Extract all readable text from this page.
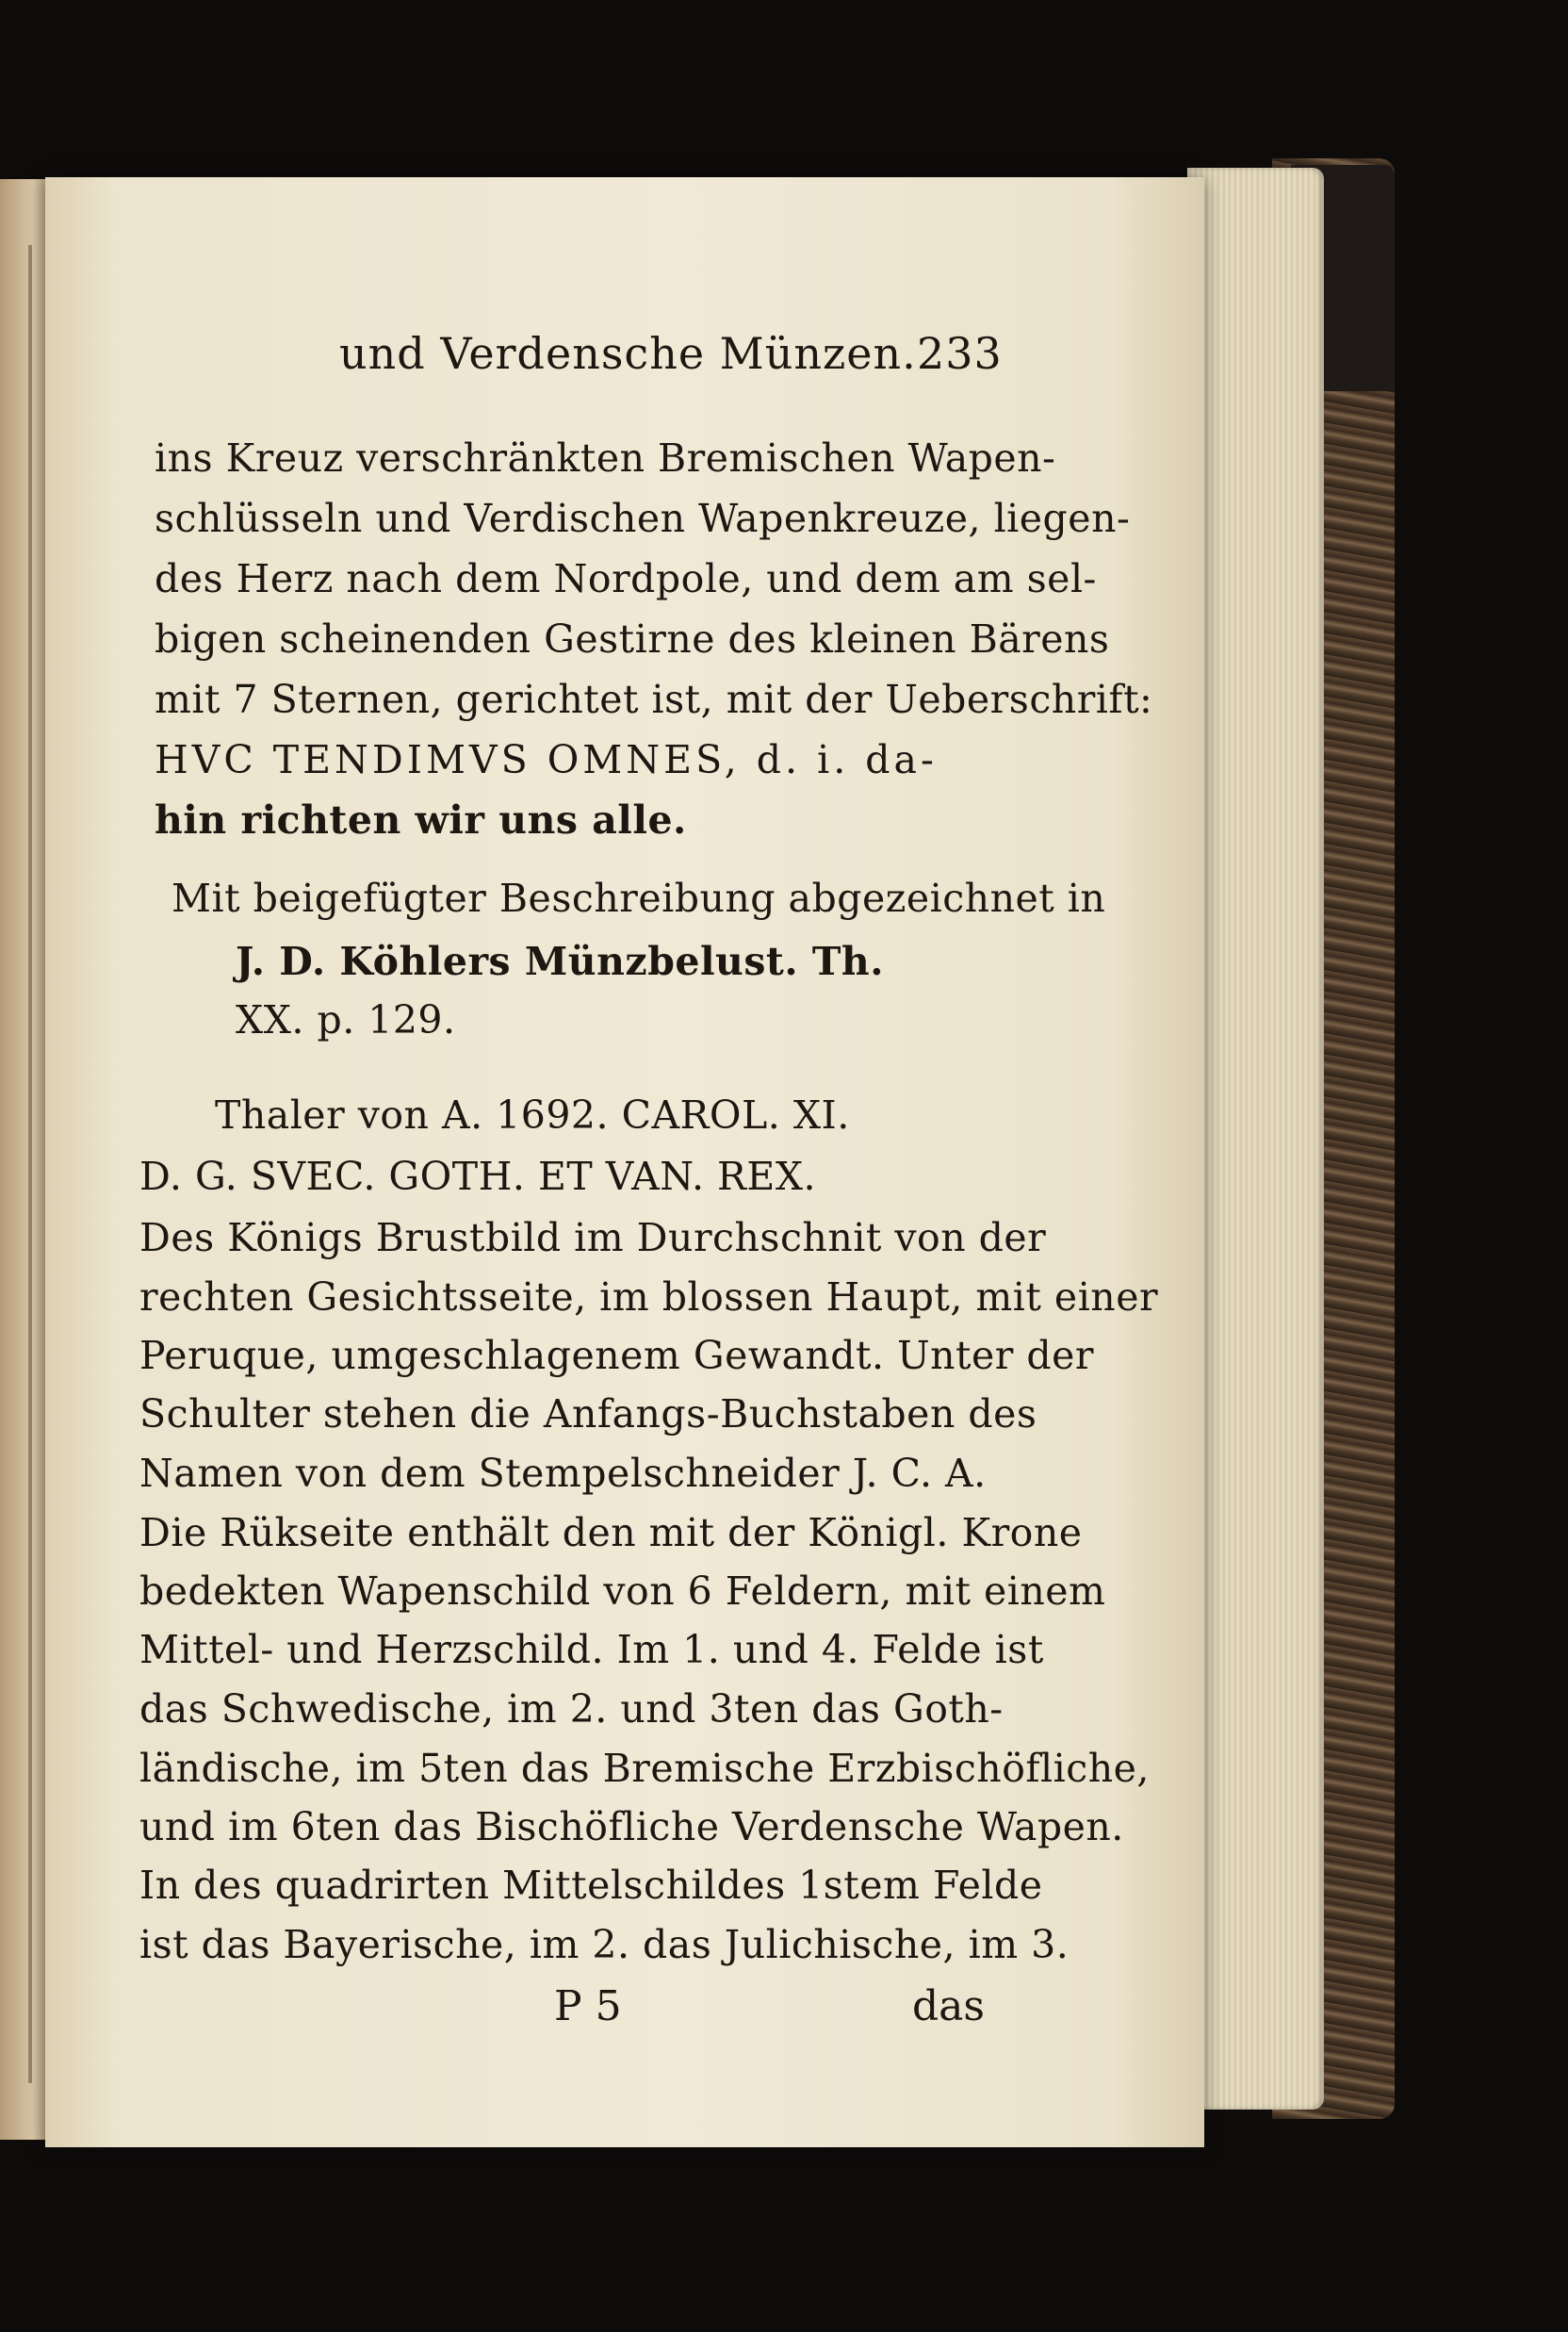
und Verdensche Münzen. 233
ins Kreuz verschränkten Bremischen Wapen-
schlüsseln und Verdischen Wapenkreuze, liegen-
des Herz nach dem Nordpole, und dem am sel-
bigen scheinenden Gestirne des kleinen Bärens
mit 7 Sternen, gerichtet ist, mit der Ueberschrift:
HVC TENDIMVS OMNES, d. i. da-
hin richten wir uns alle.
Mit beigefügter Beschreibung abgezeichnet in
J. D. Köhlers Münzbelust. Th.
XX. p. 129.
Thaler von A. 1692. CAROL. XI.
D. G. SVEC. GOTH. ET VAN. REX.
Des Königs Brustbild im Durchschnit von der
rechten Gesichtsseite, im blossen Haupt, mit einer
Peruque, umgeschlagenem Gewandt. Unter der
Schulter stehen die Anfangs-Buchstaben des
Namen von dem Stempelschneider J. C. A.
Die Rükseite enthält den mit der Königl. Krone
bedekten Wapenschild von 6 Feldern, mit einem
Mittel- und Herzschild. Im 1. und 4. Felde ist
das Schwedische, im 2. und 3ten das Goth-
ländische, im 5ten das Bremische Erzbischöfliche,
und im 6ten das Bischöfliche Verdensche Wapen.
In des quadrirten Mittelschildes 1stem Felde
ist das Bayerische, im 2. das Julichische, im 3.
P 5	das
